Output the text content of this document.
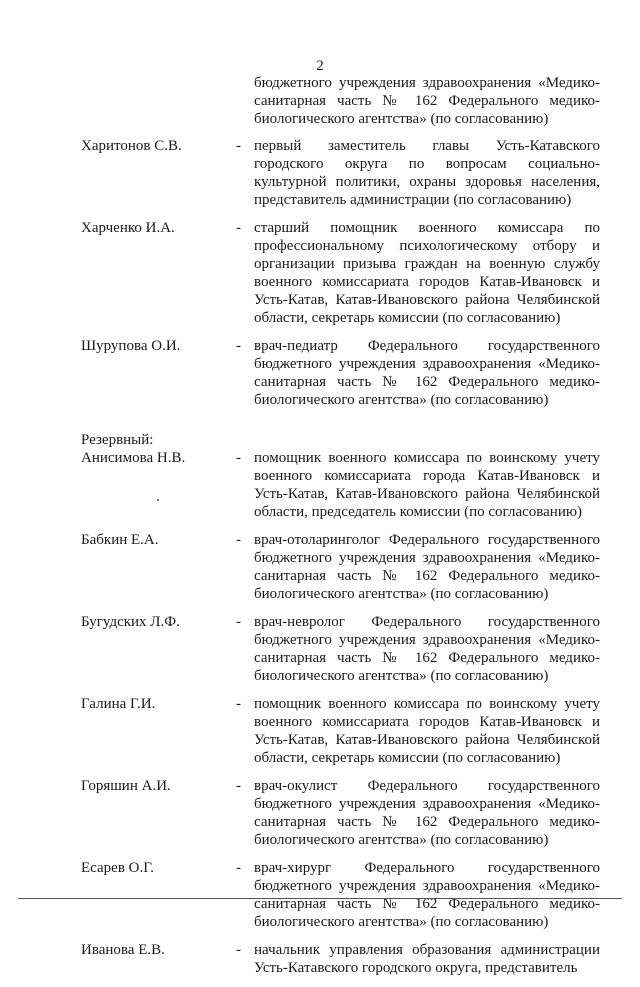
2
бюджетного учреждения здравоохранения «Медико-санитарная часть № 162 Федерального медико-биологического агентства» (по согласованию)
Харитонов С.В.	- первый заместитель главы Усть-Катавского городского округа по вопросам социально-культурной политики, охраны здоровья населения, представитель администрации (по согласованию)
Харченко И.А.	- старший помощник военного комиссара по профессиональному психологическому отбору и организации призыва граждан на военную службу военного комиссариата городов Катав-Ивановск и Усть-Катав, Катав-Ивановского района Челябинской области, секретарь комиссии (по согласованию)
Шурупова О.И.	- врач-педиатр Федерального государственного бюджетного учреждения здравоохранения «Медико-санитарная часть № 162 Федерального медико-биологического агентства» (по согласованию)
Резервный:
Анисимова Н.В.	- помощник военного комиссара по воинскому учету военного комиссариата города Катав-Ивановск и Усть-Катав, Катав-Ивановского района Челябинской области, председатель комиссии (по согласованию)
Бабкин Е.А.	- врач-отоларинголог Федерального государственного бюджетного учреждения здравоохранения «Медико-санитарная часть № 162 Федерального медико-биологического агентства» (по согласованию)
Бугудских Л.Ф.	- врач-невролог Федерального государственного бюджетного учреждения здравоохранения «Медико-санитарная часть № 162 Федерального медико-биологического агентства» (по согласованию)
Галина Г.И.	- помощник военного комиссара по воинскому учету военного комиссариата городов Катав-Ивановск и Усть-Катав, Катав-Ивановского района Челябинской области, секретарь комиссии (по согласованию)
Горяшин А.И.	- врач-окулист Федерального государственного бюджетного учреждения здравоохранения «Медико-санитарная часть № 162 Федерального медико-биологического агентства» (по согласованию)
Есарев О.Г.	- врач-хирург Федерального государственного бюджетного учреждения здравоохранения «Медико-санитарная часть № 162 Федерального медико-биологического агентства» (по согласованию)
Иванова Е.В.	- начальник управления образования администрации Усть-Катавского городского округа, представитель
